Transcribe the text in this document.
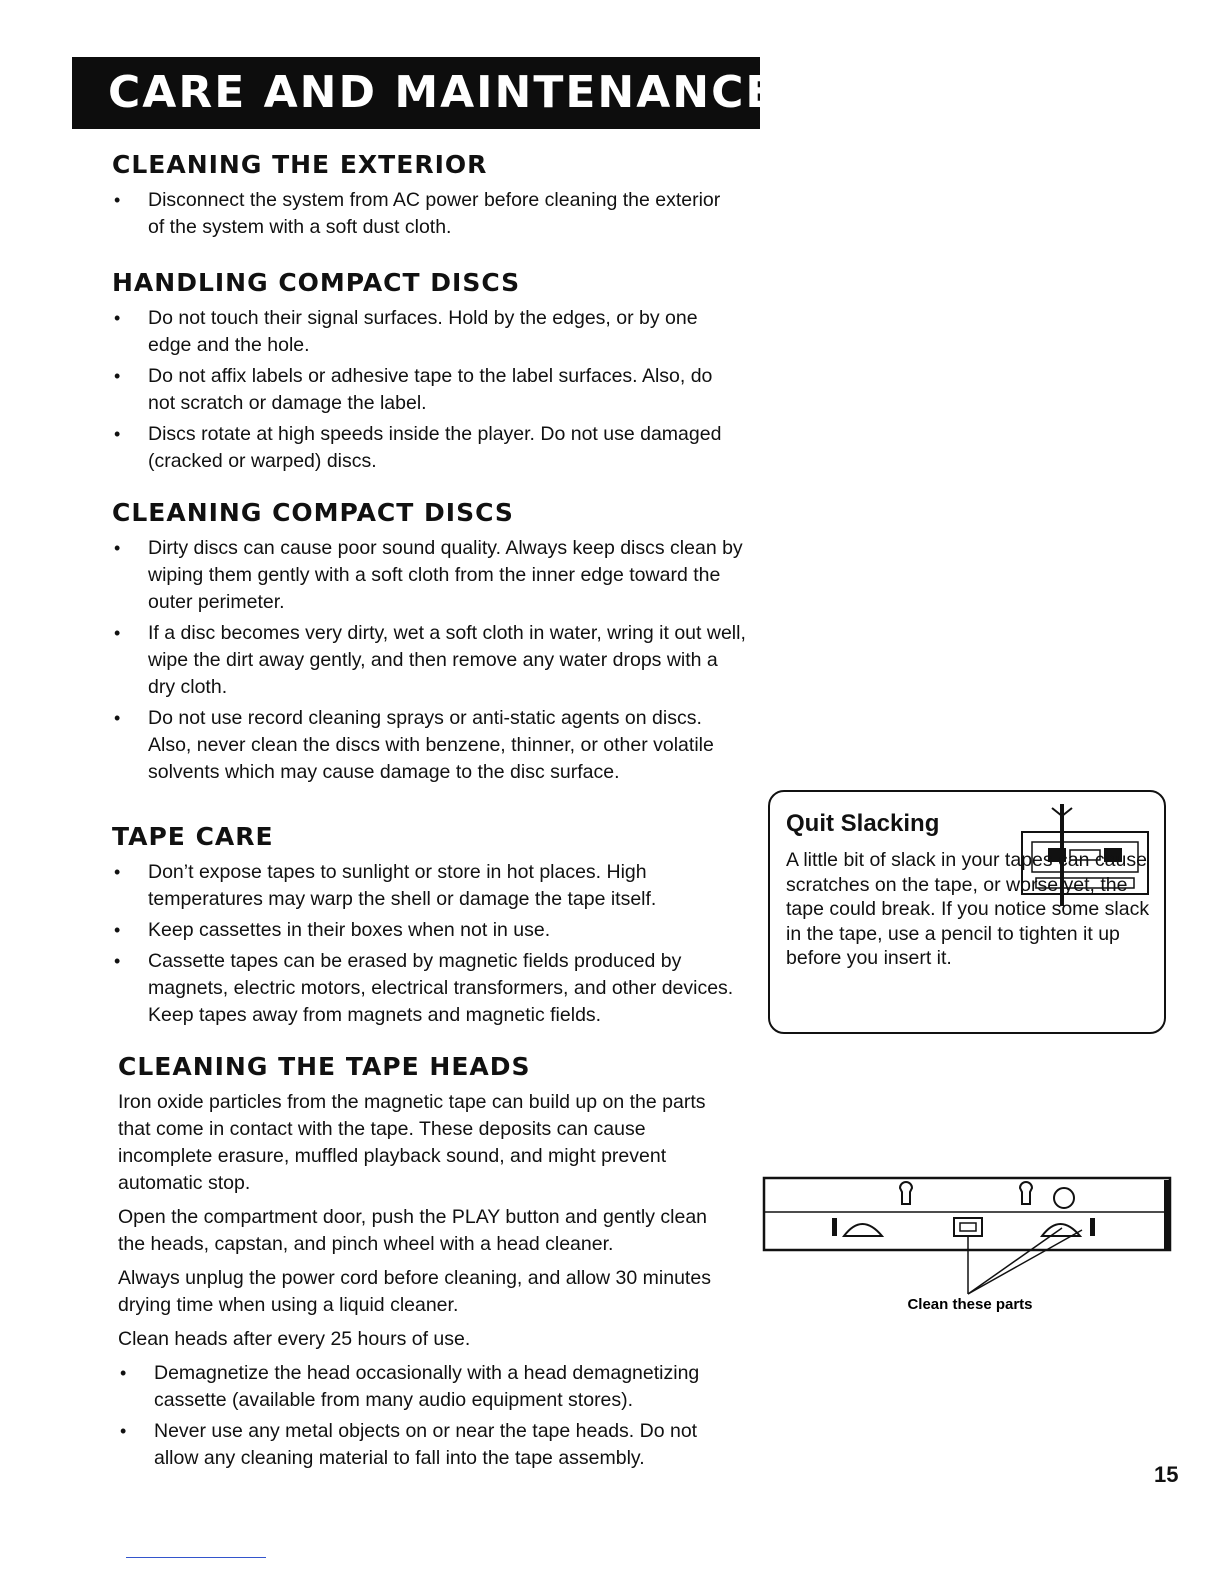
CARE AND MAINTENANCE
CLEANING THE EXTERIOR
• Disconnect the system from AC power before cleaning the exterior of the system with a soft dust cloth.
HANDLING COMPACT DISCS
• Do not touch their signal surfaces. Hold by the edges, or by one edge and the hole.
• Do not affix labels or adhesive tape to the label surfaces. Also, do not scratch or damage the label.
• Discs rotate at high speeds inside the player. Do not use damaged (cracked or warped) discs.
CLEANING COMPACT DISCS
• Dirty discs can cause poor sound quality. Always keep discs clean by wiping them gently with a soft cloth from the inner edge toward the outer perimeter.
• If a disc becomes very dirty, wet a soft cloth in water, wring it out well, wipe the dirt away gently, and then remove any water drops with a dry cloth.
• Do not use record cleaning sprays or anti-static agents on discs. Also, never clean the discs with benzene, thinner, or other volatile solvents which may cause damage to the disc surface.
TAPE CARE
• Don’t expose tapes to sunlight or store in hot places. High temperatures may warp the shell or damage the tape itself.
• Keep cassettes in their boxes when not in use.
• Cassette tapes can be erased by magnetic fields produced by magnets, electric motors, electrical transformers, and other devices. Keep tapes away from magnets and magnetic fields.
CLEANING THE TAPE HEADS

Iron oxide particles from the magnetic tape can build up on the parts that come in contact with the tape. These deposits can cause incomplete erasure, muffled playback sound, and might prevent automatic stop.

Open the compartment door, push the PLAY button and gently clean the heads, capstan, and pinch wheel with a head cleaner.

Always unplug the power cord before cleaning, and allow 30 minutes drying time when using a liquid cleaner.

Clean heads after every 25 hours of use.

• Demagnetize the head occasionally with a head demagnetizing cassette (available from many audio equipment stores).
• Never use any metal objects on or near the tape heads. Do not allow any cleaning material to fall into the tape assembly.
Quit Slacking
A little bit of slack in your tapes can cause scratches on the tape, or worse yet, the tape could break. If you notice some slack in the tape, use a pencil to tighten it up before you insert it.
Clean these parts
15
